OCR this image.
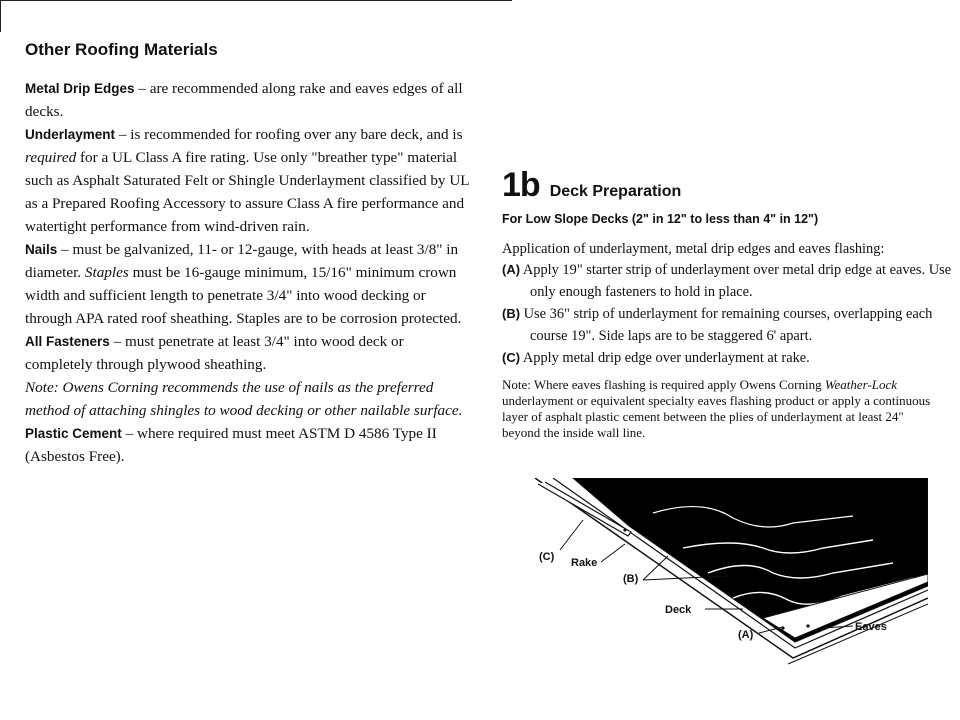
Other Roofing Materials

Metal Drip Edges – are recommended along rake and eaves edges of all decks.

Underlayment – is recommended for roofing over any bare deck, and is required for a UL Class A fire rating. Use only "breather type" material such as Asphalt Saturated Felt or Shingle Underlayment classified by UL as a Prepared Roofing Accessory to assure Class A fire performance and watertight performance from wind-driven rain.

Nails – must be galvanized, 11- or 12-gauge, with heads at least 3/8" in diameter. Staples must be 16-gauge minimum, 15/16" minimum crown width and sufficient length to penetrate 3/4" into wood decking or through APA rated roof sheathing. Staples are to be corrosion protected.

All Fasteners – must penetrate at least 3/4" into wood deck or completely through plywood sheathing.

Note: Owens Corning recommends the use of nails as the preferred method of attaching shingles to wood decking or other nailable surface.

Plastic Cement – where required must meet ASTM D 4586 Type II (Asbestos Free).

1b Deck Preparation

For Low Slope Decks (2" in 12" to less than 4" in 12")

Application of underlayment, metal drip edges and eaves flashing:

(A) Apply 19" starter strip of underlayment over metal drip edge at eaves. Use only enough fasteners to hold in place.

(B) Use 36" strip of underlayment for remaining courses, overlapping each course 19". Side laps are to be staggered 6' apart.

(C) Apply metal drip edge over underlayment at rake.

Note: Where eaves flashing is required apply Owens Corning Weather-Lock underlayment or equivalent specialty eaves flashing product or apply a continuous layer of asphalt plastic cement between the plies of underlayment at least 24" beyond the inside wall line.

(C) Rake
(B)
Deck
(A)
Eaves
